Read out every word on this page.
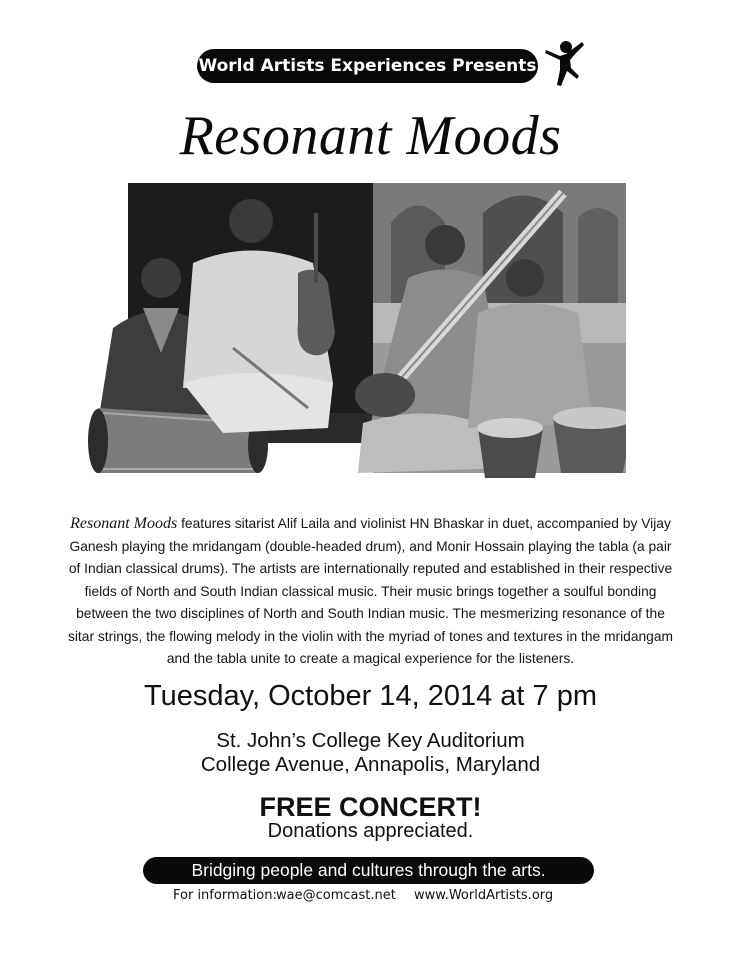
World Artists Experiences Presents
Resonant Moods
Resonant Moods features sitarist Alif Laila and violinist HN Bhaskar in duet, accompanied by Vijay Ganesh playing the mridangam (double-headed drum), and Monir Hossain playing the tabla (a pair of Indian classical drums). The artists are internationally reputed and established in their respective fields of North and South Indian classical music. Their music brings together a soulful bonding between the two disciplines of North and South Indian music. The mesmerizing resonance of the sitar strings, the flowing melody in the violin with the myriad of tones and textures in the mridangam and the tabla unite to create a magical experience for the listeners.
Tuesday, October 14, 2014 at 7 pm
St. John’s College Key Auditorium
College Avenue, Annapolis, Maryland
FREE CONCERT!
Donations appreciated.
Bridging people and cultures through the arts.
For information: wae@comcast.net www.WorldArtists.org
